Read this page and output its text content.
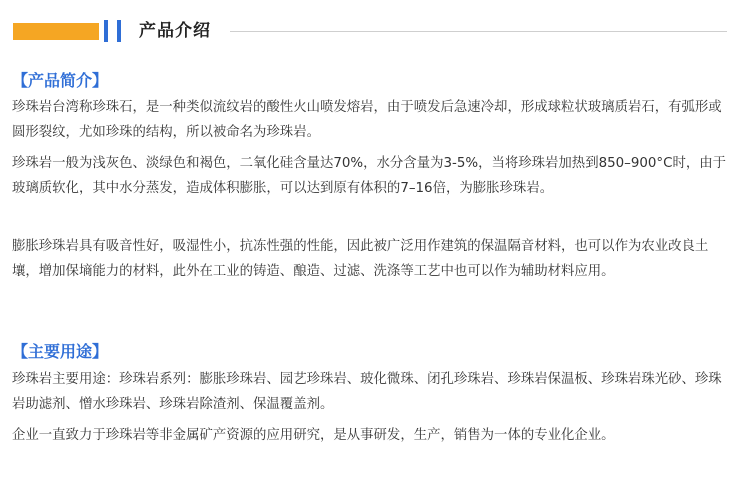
产品介绍
【产品简介】
珍珠岩台湾称珍珠石，是一种类似流纹岩的酸性火山喷发熔岩，由于喷发后急速冷却，形成球粒状玻璃质岩石，有弧形或圆形裂纹，尤如珍珠的结构，所以被命名为珍珠岩。
珍珠岩一般为浅灰色、淡绿色和褐色，二氧化硅含量达70%，水分含量为3-5%，当将珍珠岩加热到850–900°C时，由于玻璃质软化，其中水分蒸发，造成体积膨胀，可以达到原有体积的7–16倍，为膨胀珍珠岩。
膨胀珍珠岩具有吸音性好，吸湿性小，抗冻性强的性能，因此被广泛用作建筑的保温隔音材料，也可以作为农业改良土壤，增加保墒能力的材料，此外在工业的铸造、酿造、过滤、洗涤等工艺中也可以作为辅助材料应用。
【主要用途】
珍珠岩主要用途：珍珠岩系列：膨胀珍珠岩、园艺珍珠岩、玻化微珠、闭孔珍珠岩、珍珠岩保温板、珍珠岩珠光砂、珍珠岩助滤剂、憎水珍珠岩、珍珠岩除渣剂、保温覆盖剂。
企业一直致力于珍珠岩等非金属矿产资源的应用研究，是从事研发，生产，销售为一体的专业化企业。
